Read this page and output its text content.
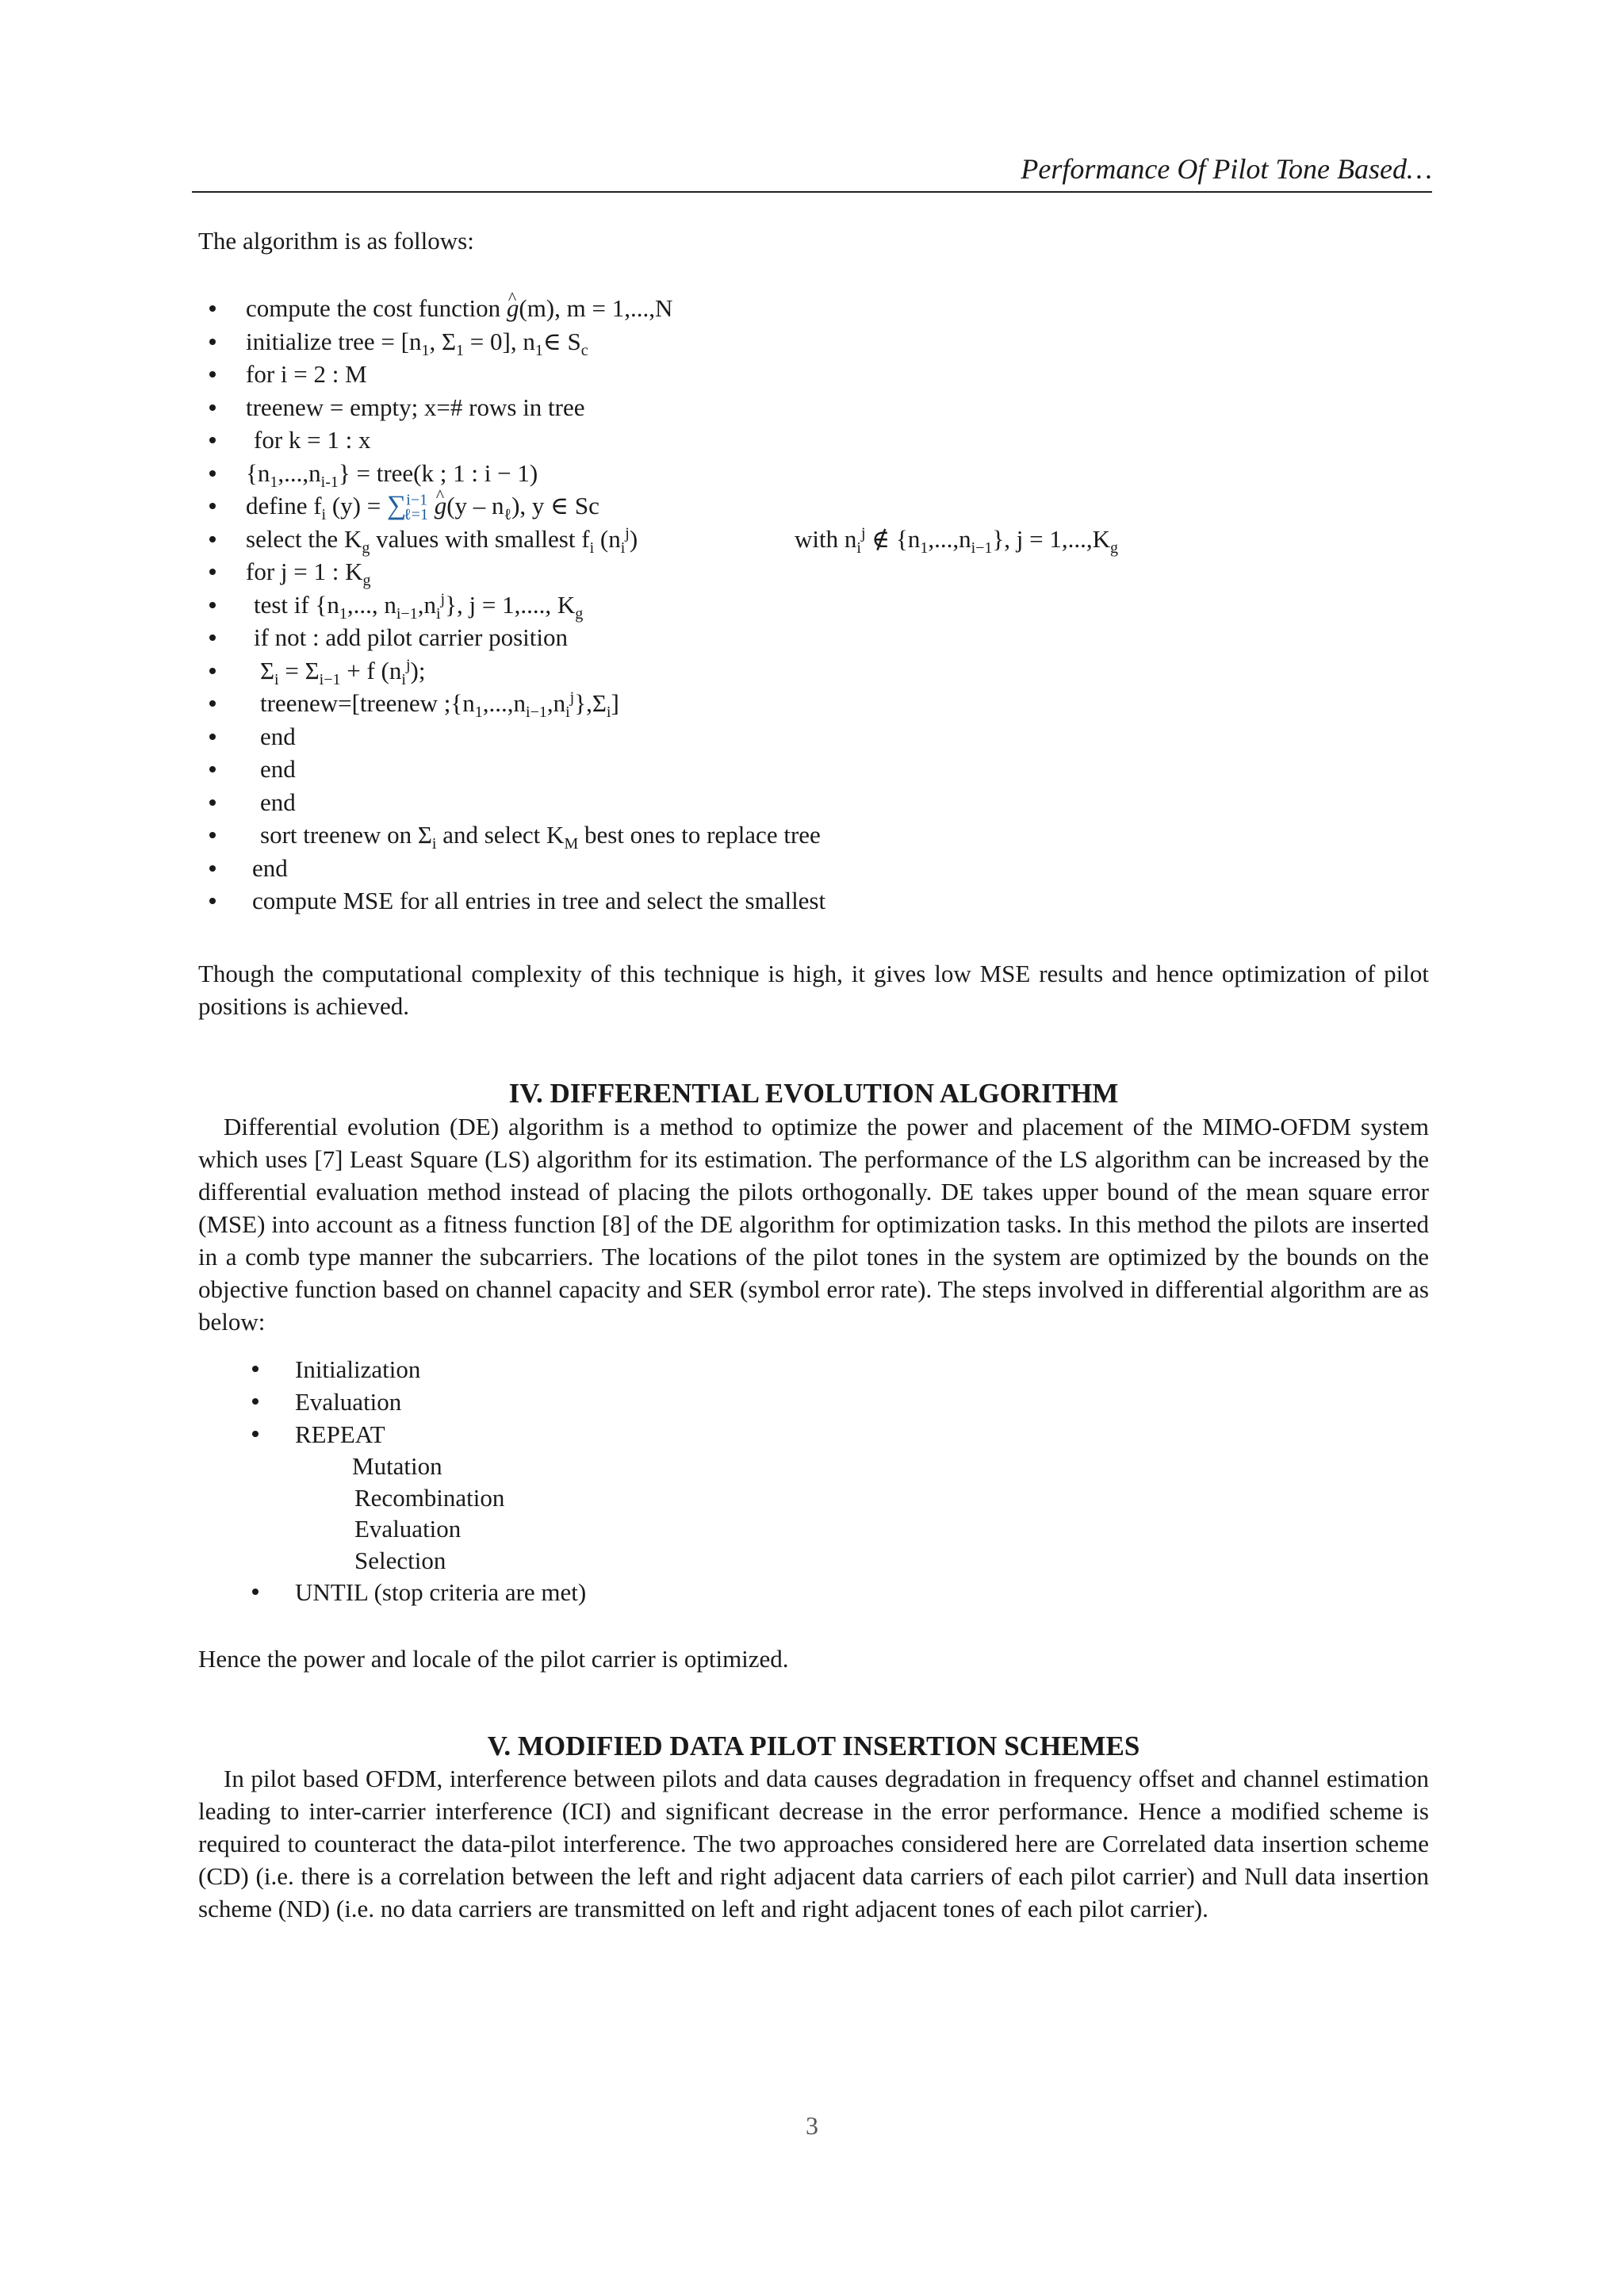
Performance Of Pilot Tone Based…

The algorithm is as follows:

compute the cost function g ^(m), m = 1,...,N
initialize tree = [$n_1$, $\Sigma_1 = 0$], $n_1\in$ $S_c$
for i = 2 : M
treenew = empty; x=# rows in tree
for k = 1 : x
$\{n_1,...,n_{i-1}\}$ = tree(k ; 1 : i − 1)
define $f_i$ (y) = ∑$^{i-1}_{\ell=1}$ g ^(y – $n_\ell$), y ∈ Sc
select the $K_g$ values with smallest $f_i$ $(n_i^j)$	with $n_i^j$ ∉ $\{n_1,...,n_{i-1}\}$, $j = 1,...,K_g$
for j = 1 : $K_g$
test if {$n_1$,..., $n_{i-1},n_i^j$}, j = 1,...., $K_g$
if not : add pilot carrier position
$\Sigma_i = \Sigma_{i-1} + f$ $(n_i^j)$;
treenew=[treenew $;\{n_1,...,n_{i-1},n_i^j\},\Sigma_i$]
end
end
end
sort treenew on $\Sigma_i$ and select $K_M$ best ones to replace tree
end
compute MSE for all entries in tree and select the smallest

Though the computational complexity of this technique is high, it gives low MSE results and hence optimization of pilot positions is achieved.

IV. DIFFERENTIAL EVOLUTION ALGORITHM

Differential evolution (DE) algorithm is a method to optimize the power and placement of the MIMO-OFDM system which uses [7] Least Square (LS) algorithm for its estimation. The performance of the LS algorithm can be increased by the differential evaluation method instead of placing the pilots orthogonally. DE takes upper bound of the mean square error (MSE) into account as a fitness function [8] of the DE algorithm for optimization tasks. In this method the pilots are inserted in a comb type manner the subcarriers. The locations of the pilot tones in the system are optimized by the bounds on the objective function based on channel capacity and SER (symbol error rate). The steps involved in differential algorithm are as below:

Initialization
Evaluation
REPEAT
Mutation
Recombination
Evaluation
Selection
UNTIL (stop criteria are met)

Hence the power and locale of the pilot carrier is optimized.

V. MODIFIED DATA PILOT INSERTION SCHEMES

In pilot based OFDM, interference between pilots and data causes degradation in frequency offset and channel estimation leading to inter-carrier interference (ICI) and significant decrease in the error performance. Hence a modified scheme is required to counteract the data-pilot interference. The two approaches considered here are Correlated data insertion scheme (CD) (i.e. there is a correlation between the left and right adjacent data carriers of each pilot carrier) and Null data insertion scheme (ND) (i.e. no data carriers are transmitted on left and right adjacent tones of each pilot carrier).

3
